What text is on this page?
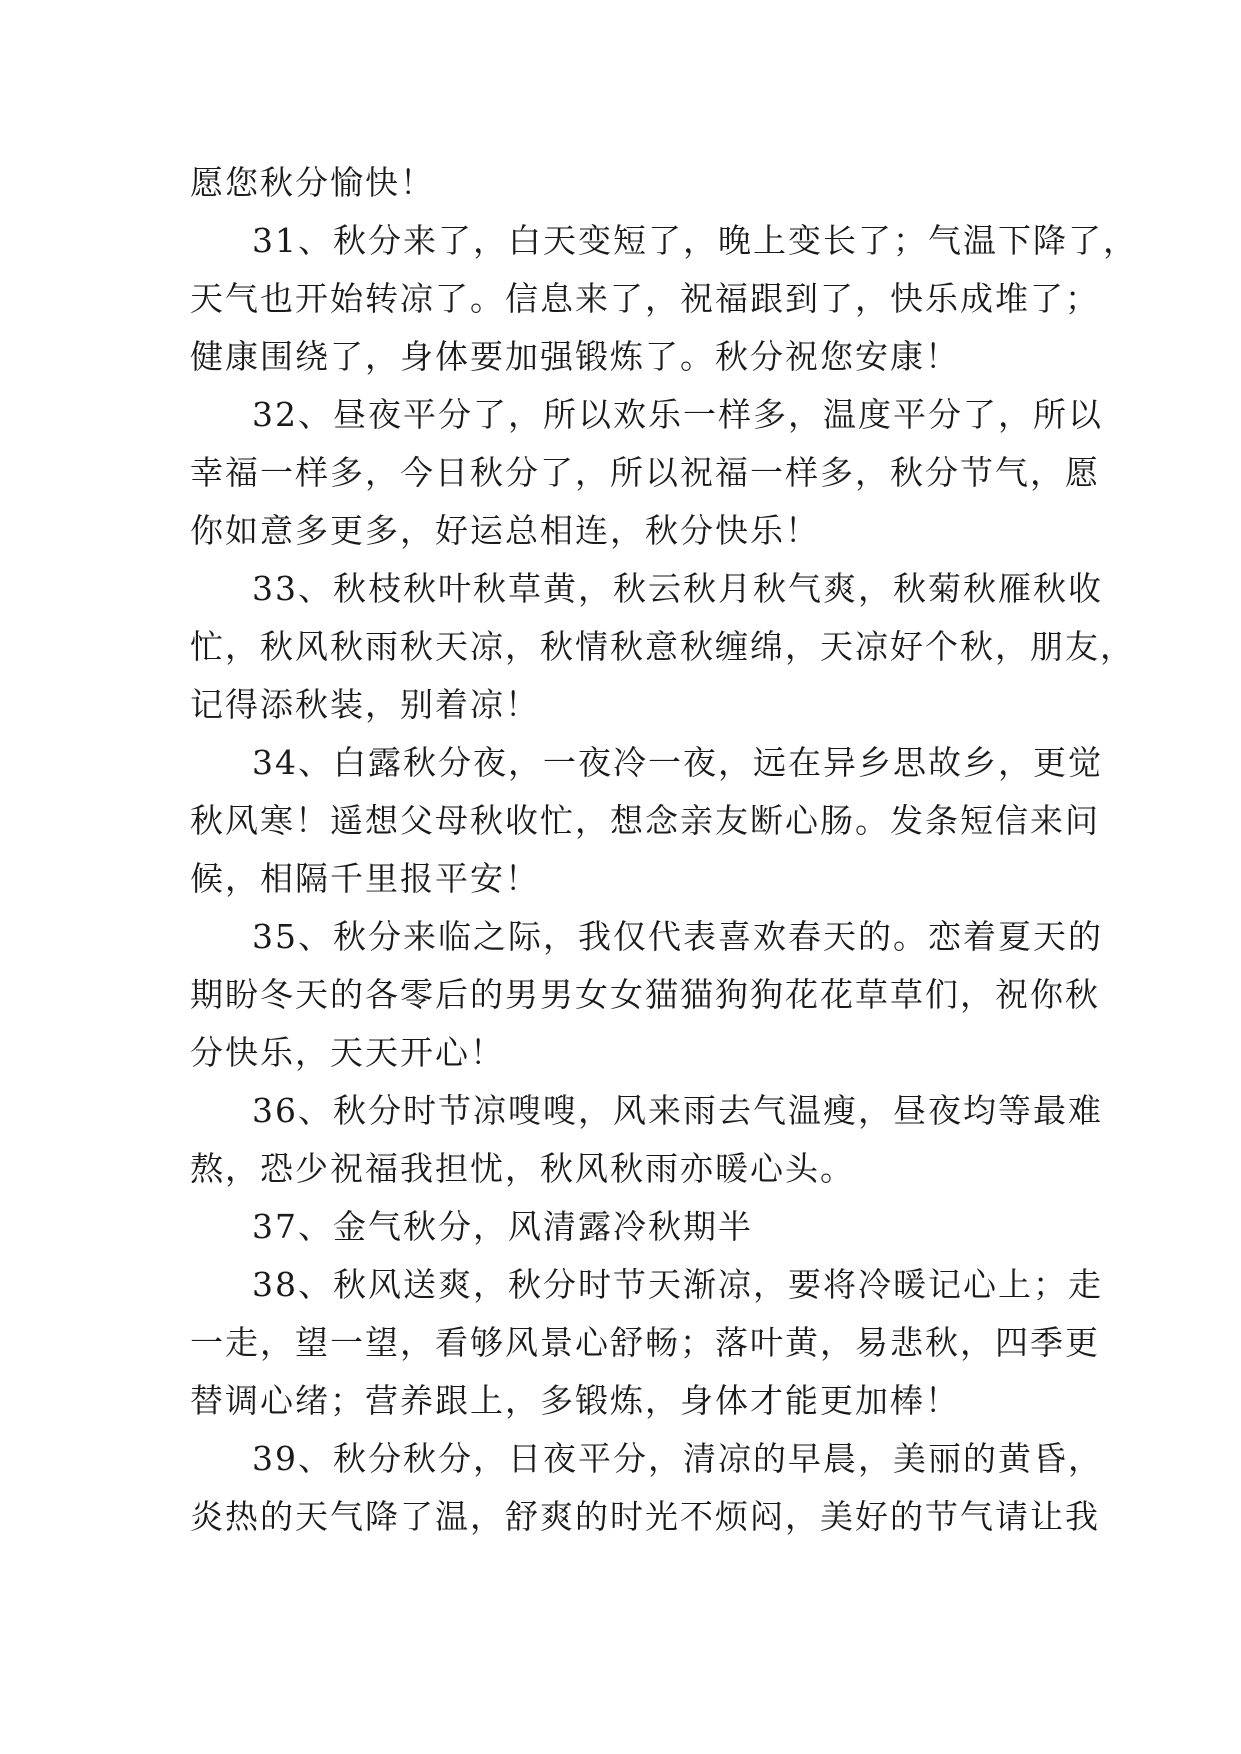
愿您秋分愉快！
31、秋分来了，白天变短了，晚上变长了；气温下降了，
天气也开始转凉了。信息来了，祝福跟到了，快乐成堆了；
健康围绕了，身体要加强锻炼了。秋分祝您安康！
32、昼夜平分了，所以欢乐一样多，温度平分了，所以
幸福一样多，今日秋分了，所以祝福一样多，秋分节气，愿
你如意多更多，好运总相连，秋分快乐！
33、秋枝秋叶秋草黄，秋云秋月秋气爽，秋菊秋雁秋收
忙，秋风秋雨秋天凉，秋情秋意秋缠绵，天凉好个秋，朋友，
记得添秋装，别着凉！
34、白露秋分夜，一夜冷一夜，远在异乡思故乡，更觉
秋风寒！遥想父母秋收忙，想念亲友断心肠。发条短信来问
候，相隔千里报平安！
35、秋分来临之际，我仅代表喜欢春天的。恋着夏天的
期盼冬天的各零后的男男女女猫猫狗狗花花草草们，祝你秋
分快乐，天天开心！
36、秋分时节凉嗖嗖，风来雨去气温瘦，昼夜均等最难
熬，恐少祝福我担忧，秋风秋雨亦暖心头。
37、金气秋分，风清露冷秋期半
38、秋风送爽，秋分时节天渐凉，要将冷暖记心上；走
一走，望一望，看够风景心舒畅；落叶黄，易悲秋，四季更
替调心绪；营养跟上，多锻炼，身体才能更加棒！
39、秋分秋分，日夜平分，清凉的早晨，美丽的黄昏，
炎热的天气降了温，舒爽的时光不烦闷，美好的节气请让我
